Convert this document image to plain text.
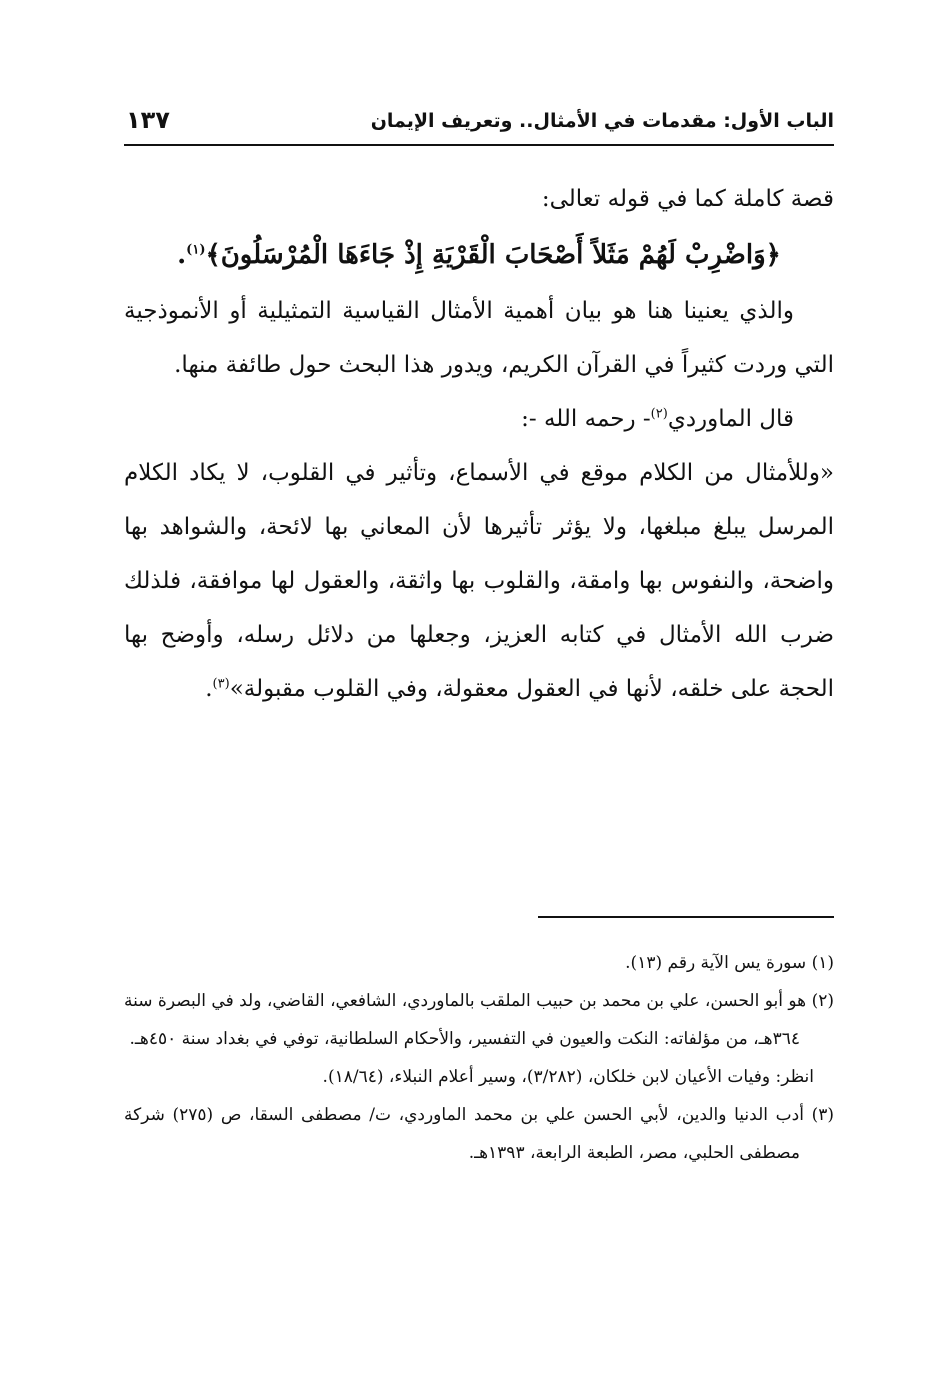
الباب الأول: مقدمات في الأمثال.. وتعريف الإيمان
١٣٧

قصة كاملة كما في قوله تعالى:

﴿وَاضْرِبْ لَهُمْ مَثَلاً أَصْحَابَ الْقَرْيَةِ إِذْ جَاءَهَا الْمُرْسَلُونَ﴾$^{(١)}$.

والذي يعنينا هنا هو بيان أهمية الأمثال القياسية التمثيلية أو الأنموذجية التي وردت كثيراً في القرآن الكريم، ويدور هذا البحث حول طائفة منها.

قال الماوردي$^{(٢)}$- رحمه الله -:

«وللأمثال من الكلام موقع في الأسماع، وتأثير في القلوب، لا يكاد الكلام المرسل يبلغ مبلغها، ولا يؤثر تأثيرها لأن المعاني بها لائحة، والشواهد بها واضحة، والنفوس بها وامقة، والقلوب بها واثقة، والعقول لها موافقة، فلذلك ضرب الله الأمثال في كتابه العزيز، وجعلها من دلائل رسله، وأوضح بها الحجة على خلقه، لأنها في العقول معقولة، وفي القلوب مقبولة»$^{(٣)}$.

(١) سورة يس الآية رقم (١٣).

(٢) هو أبو الحسن، علي بن محمد بن حبيب الملقب بالماوردي، الشافعي، القاضي، ولد في البصرة سنة ٣٦٤هـ، من مؤلفاته: النكت والعيون في التفسير، والأحكام السلطانية، توفي في بغداد سنة ٤٥٠هـ.

انظر: وفيات الأعيان لابن خلكان، (٣/٢٨٢)، وسير أعلام النبلاء، (١٨/٦٤).

(٣) أدب الدنيا والدين، لأبي الحسن علي بن محمد الماوردي، ت/ مصطفى السقا، ص (٢٧٥) شركة مصطفى الحلبي، مصر، الطبعة الرابعة، ١٣٩٣هـ.
